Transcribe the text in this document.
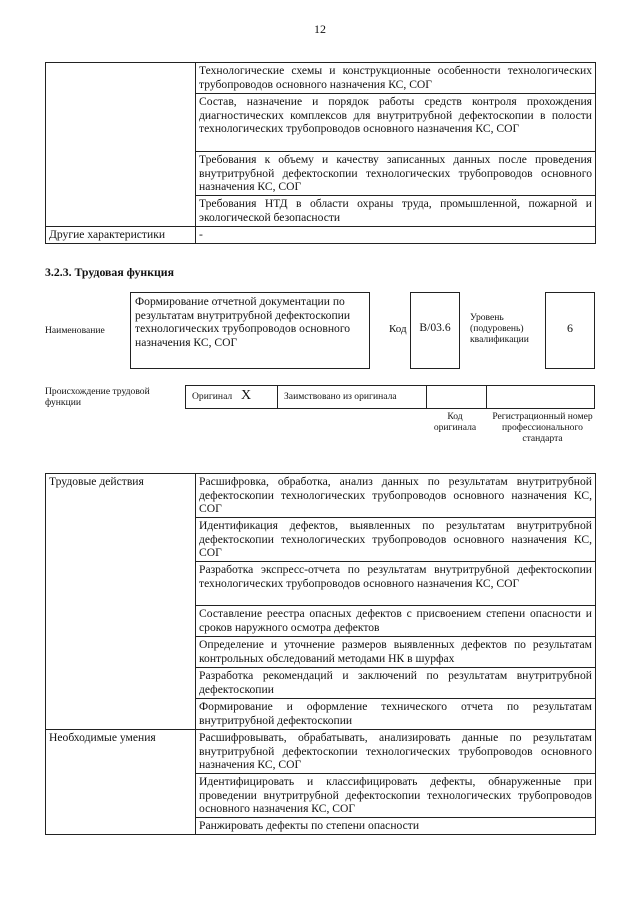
12
	Технологические схемы и конструкционные особенности технологических трубопроводов основного назначения КС, СОГ
	Состав, назначение и порядок работы средств контроля прохождения диагностических комплексов для внутритрубной дефектоскопии в полости технологических трубопроводов основного назначения КС, СОГ
	Требования к объему и качеству записанных данных после проведения внутритрубной дефектоскопии технологических трубопроводов основного назначения КС, СОГ
	Требования НТД в области охраны труда, промышленной, пожарной и экологической безопасности
Другие характеристики	-
3.2.3. Трудовая функция
Наименование
Формирование отчетной документации по результатам внутритрубной дефектоскопии технологических трубопроводов основного назначения КС, СОГ
Код	В/03.6
Уровень (подуровень) квалификации
6
Происхождение трудовой функции
Оригинал X	Заимствовано из оригинала
Код оригинала
Регистрационный номер профессионального стандарта
Трудовые действия	Расшифровка, обработка, анализ данных по результатам внутритрубной дефектоскопии технологических трубопроводов основного назначения КС, СОГ
	Идентификация дефектов, выявленных по результатам внутритрубной дефектоскопии технологических трубопроводов основного назначения КС, СОГ
	Разработка экспресс-отчета по результатам внутритрубной дефектоскопии технологических трубопроводов основного назначения КС, СОГ
	Составление реестра опасных дефектов с присвоением степени опасности и сроков наружного осмотра дефектов
	Определение и уточнение размеров выявленных дефектов по результатам контрольных обследований методами НК в шурфах
	Разработка рекомендаций и заключений по результатам внутритрубной дефектоскопии
	Формирование и оформление технического отчета по результатам внутритрубной дефектоскопии
Необходимые умения	Расшифровывать, обрабатывать, анализировать данные по результатам внутритрубной дефектоскопии технологических трубопроводов основного назначения КС, СОГ
	Идентифицировать и классифицировать дефекты, обнаруженные при проведении внутритрубной дефектоскопии технологических трубопроводов основного назначения КС, СОГ
	Ранжировать дефекты по степени опасности
